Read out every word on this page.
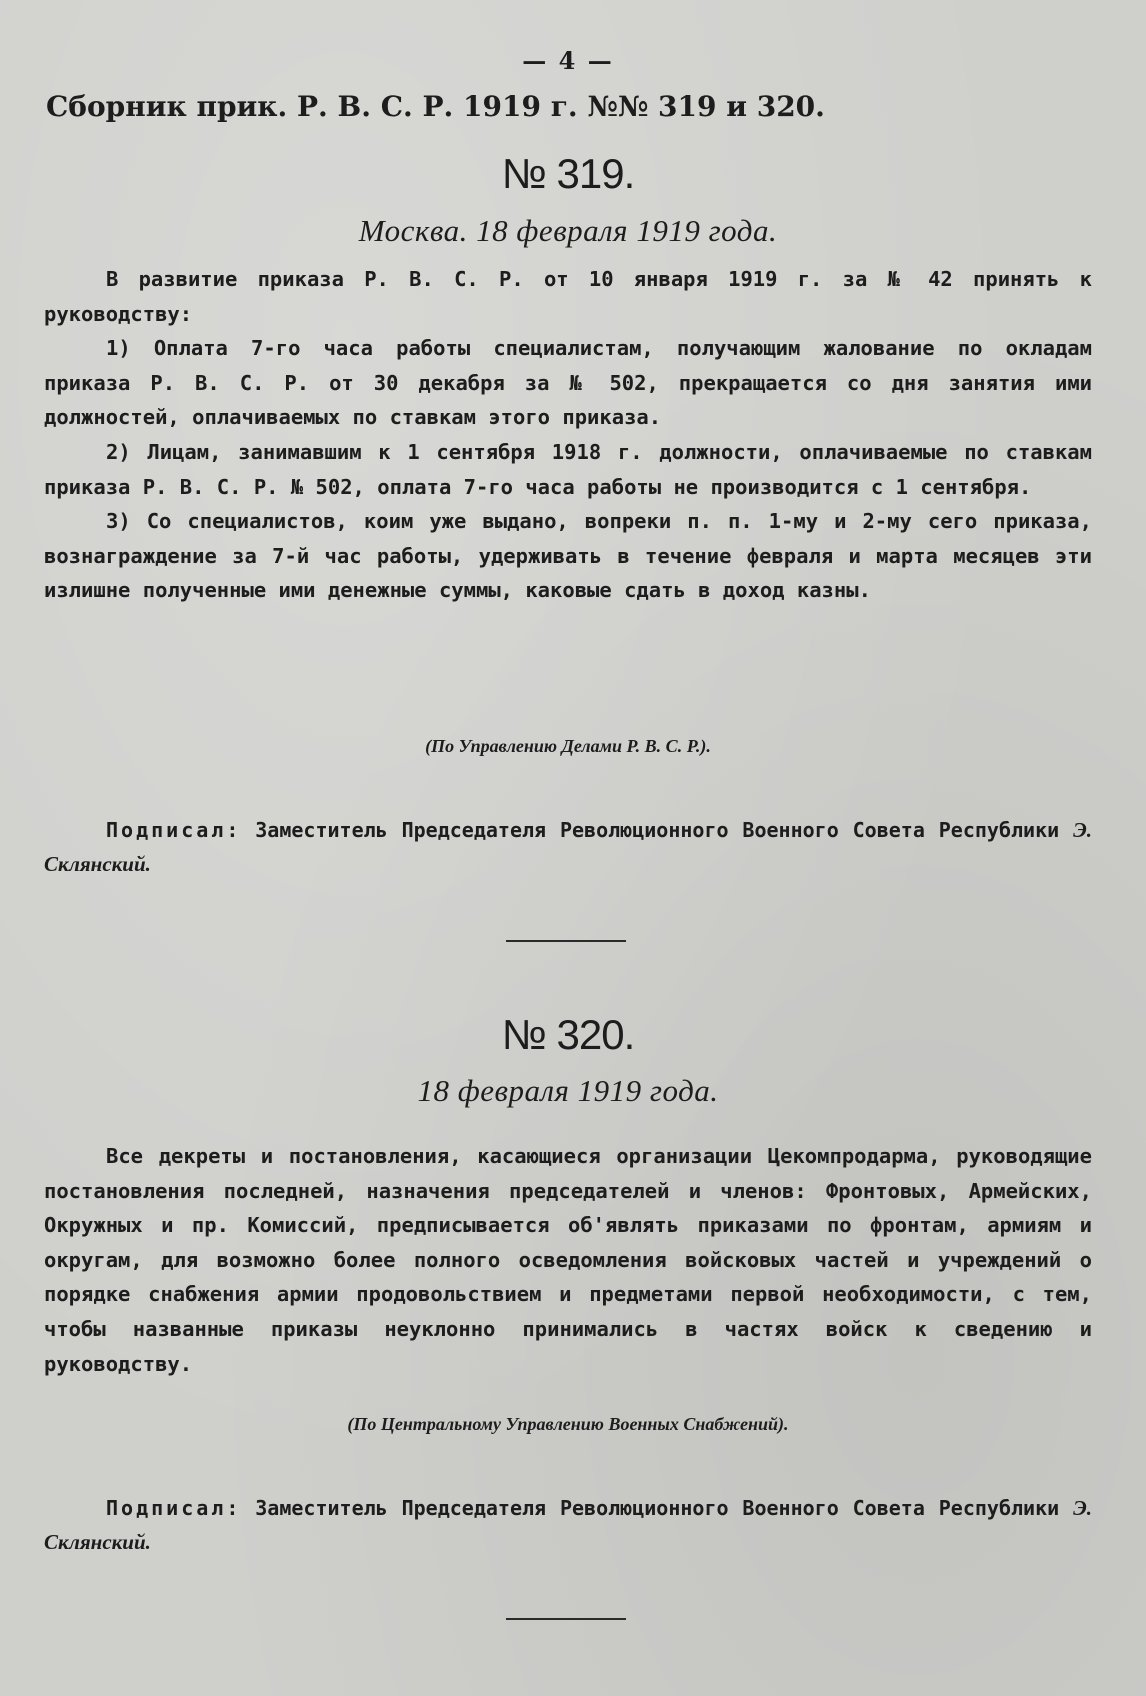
— 4 —
Сборник прик. Р. В. С. Р. 1919 г. №№ 319 и 320.
№ 319.
Москва. 18 февраля 1919 года.

В развитие приказа Р. В. С. Р. от 10 января 1919 г. за № 42 принять к руководству:

1) Оплата 7-го часа работы специалистам, получающим жалование по окладам приказа Р. В. С. Р. от 30 декабря за № 502, прекращается со дня занятия ими должностей, оплачиваемых по ставкам этого приказа.

2) Лицам, занимавшим к 1 сентября 1918 г. должности, оплачиваемые по ставкам приказа Р. В. С. Р. № 502, оплата 7-го часа работы не производится с 1 сентября.

3) Со специалистов, коим уже выдано, вопреки п. п. 1-му и 2-му сего приказа, вознаграждение за 7-й час работы, удерживать в течение февраля и марта месяцев эти излишне полученные ими денежные суммы, каковые сдать в доход казны.

(По Управлению Делами Р. В. С. Р.).
Подписал: Заместитель Председателя Революционного Военного Совета Республики Э. Склянский.
№ 320.
18 февраля 1919 года.

Все декреты и постановления, касающиеся организации Цекомпродарма, руководящие постановления последней, назначения председателей и членов: Фронтовых, Армейских, Окружных и пр. Комиссий, предписывается об'являть приказами по фронтам, армиям и округам, для возможно более полного осведомления войсковых частей и учреждений о порядке снабжения армии продовольствием и предметами первой необходимости, с тем, чтобы названные приказы неуклонно принимались в частях войск к сведению и руководству.

(По Центральному Управлению Военных Снабжений).
Подписал: Заместитель Председателя Революционного Военного Совета Республики Э. Склянский.
